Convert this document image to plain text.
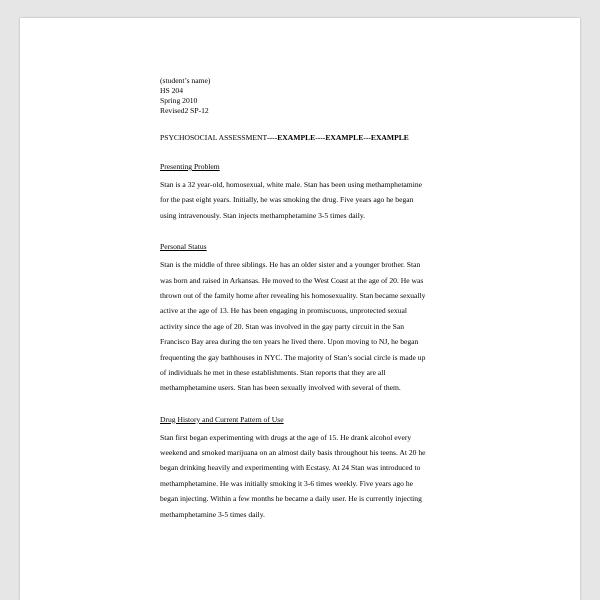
(student’s name)
HS 204
Spring 2010
Revised2 SP-12
PSYCHOSOCIAL ASSESSMENT----EXAMPLE----EXAMPLE---EXAMPLE
Presenting Problem
Stan is a 32 year-old, homosexual, white male. Stan has been using methamphetamine
for the past eight years. Initially, he was smoking the drug. Five years ago he began
using intravenously. Stan injects methamphetamine 3-5 times daily.
Personal Status
Stan is the middle of three siblings. He has an older sister and a younger brother. Stan
was born and raised in Arkansas. He moved to the West Coast at the age of 20. He was
thrown out of the family home after revealing his homosexuality. Stan became sexually
active at the age of 13. He has been engaging in promiscuous, unprotected sexual
activity since the age of 20. Stan was involved in the gay party circuit in the San
Francisco Bay area during the ten years he lived there. Upon moving to NJ, he began
frequenting the gay bathhouses in NYC. The majority of Stan’s social circle is made up
of individuals he met in these establishments. Stan reports that they are all
methamphetamine users. Stan has been sexually involved with several of them.
Drug History and Current Pattern of Use
Stan first began experimenting with drugs at the age of 15. He drank alcohol every
weekend and smoked marijuana on an almost daily basis throughout his teens. At 20 he
began drinking heavily and experimenting with Ecstasy. At 24 Stan was introduced to
methamphetamine. He was initially smoking it 3-6 times weekly. Five years ago he
began injecting. Within a few months he became a daily user. He is currently injecting
methamphetamine 3-5 times daily.
